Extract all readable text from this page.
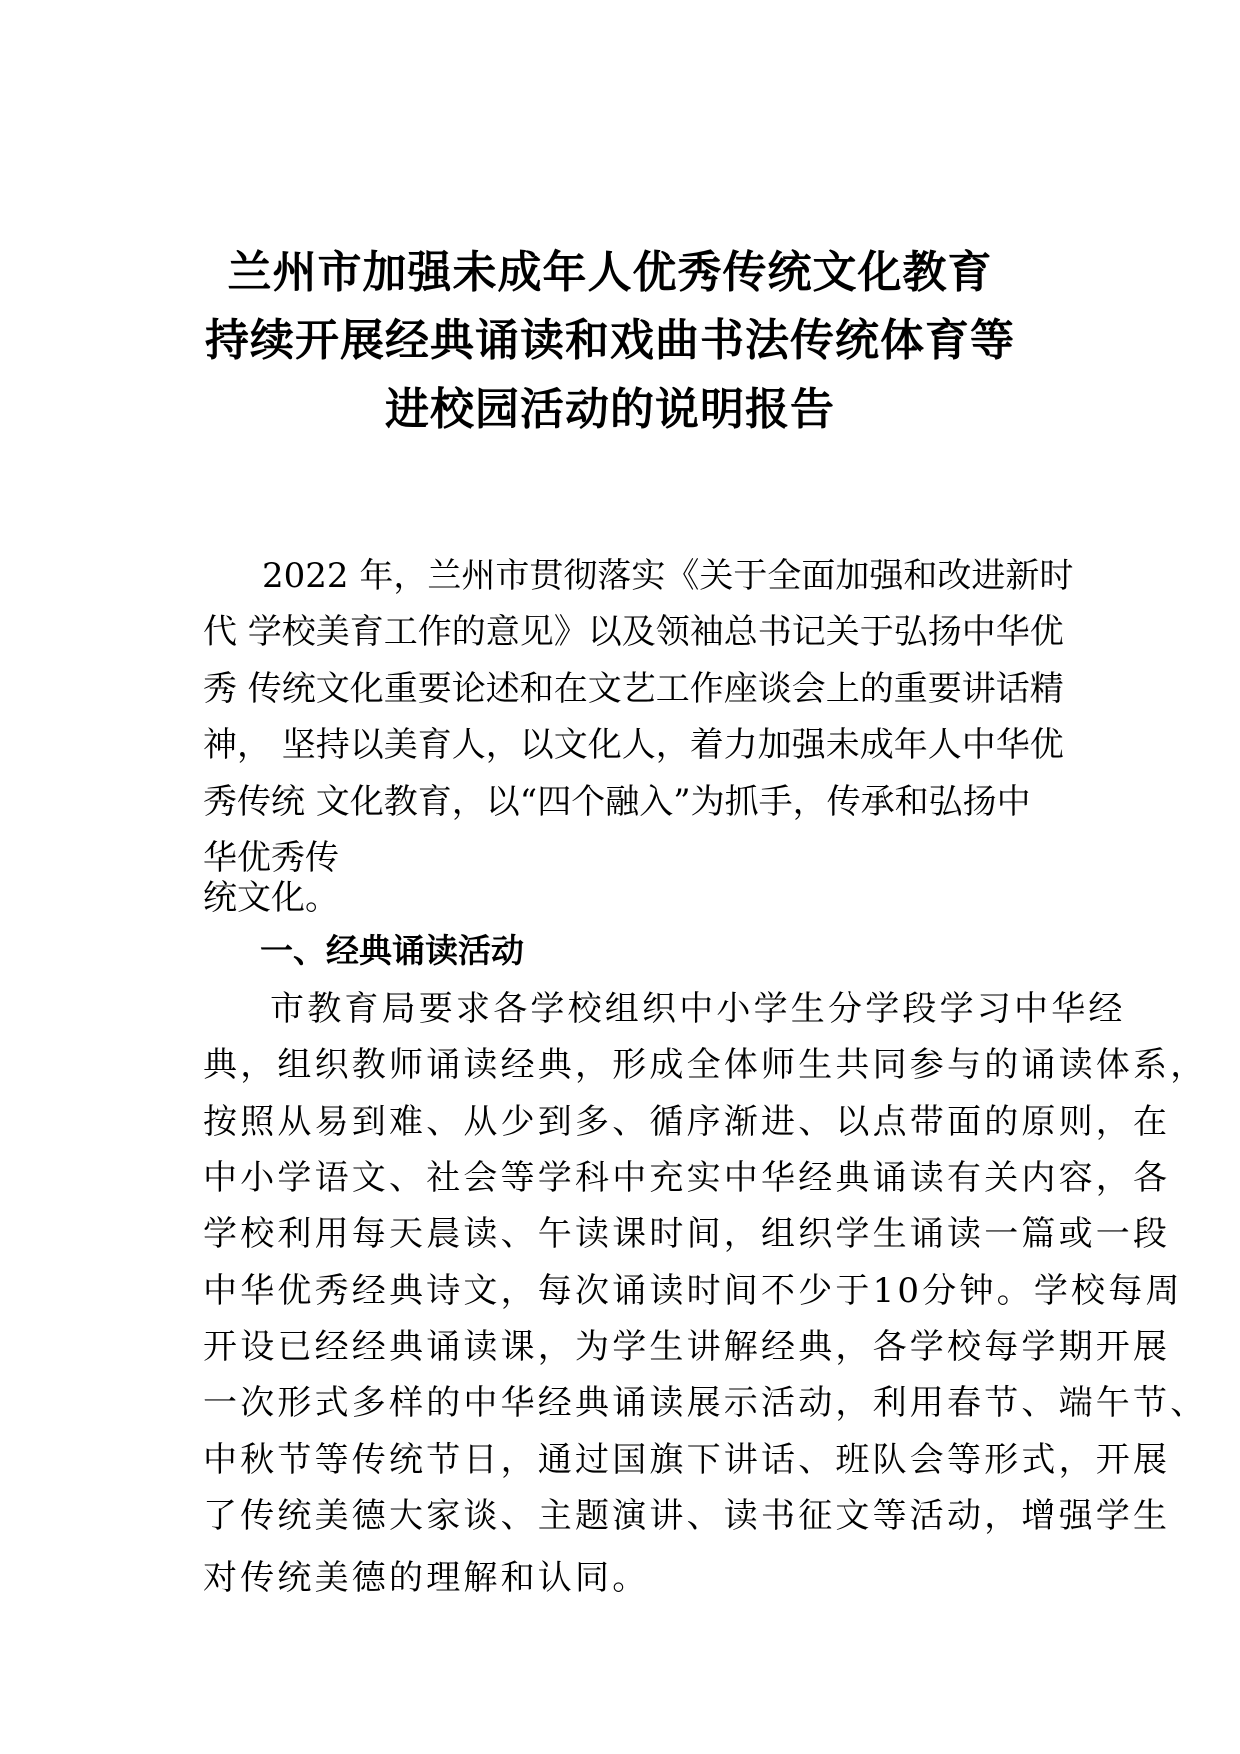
兰州市加强未成年人优秀传统文化教育
持续开展经典诵读和戏曲书法传统体育等
进校园活动的说明报告

2022 年，兰州市贯彻落实《关于全面加强和改进新时

代 学校美育工作的意见》以及领袖总书记关于弘扬中华优

秀 传统文化重要论述和在文艺工作座谈会上的重要讲话精

神， 坚持以美育人，以文化人，着力加强未成年人中华优

秀传统 文化教育，以“四个融入”为抓手，传承和弘扬中

华优秀传

统文化。

一、经典诵读活动

市教育局要求各学校组织中小学生分学段学习中华经

典，组织教师诵读经典，形成全体师生共同参与的诵读体系，

按照从易到难、从少到多、循序渐进、以点带面的原则，在

中小学语文、社会等学科中充实中华经典诵读有关内容，各

学校利用每天晨读、午读课时间，组织学生诵读一篇或一段

中华优秀经典诗文，每次诵读时间不少于10分钟。学校每周

开设已经经典诵读课，为学生讲解经典，各学校每学期开展

一次形式多样的中华经典诵读展示活动，利用春节、端午节、

中秋节等传统节日，通过国旗下讲话、班队会等形式，开展

了传统美德大家谈、主题演讲、读书征文等活动，增强学生

对传统美德的理解和认同。
